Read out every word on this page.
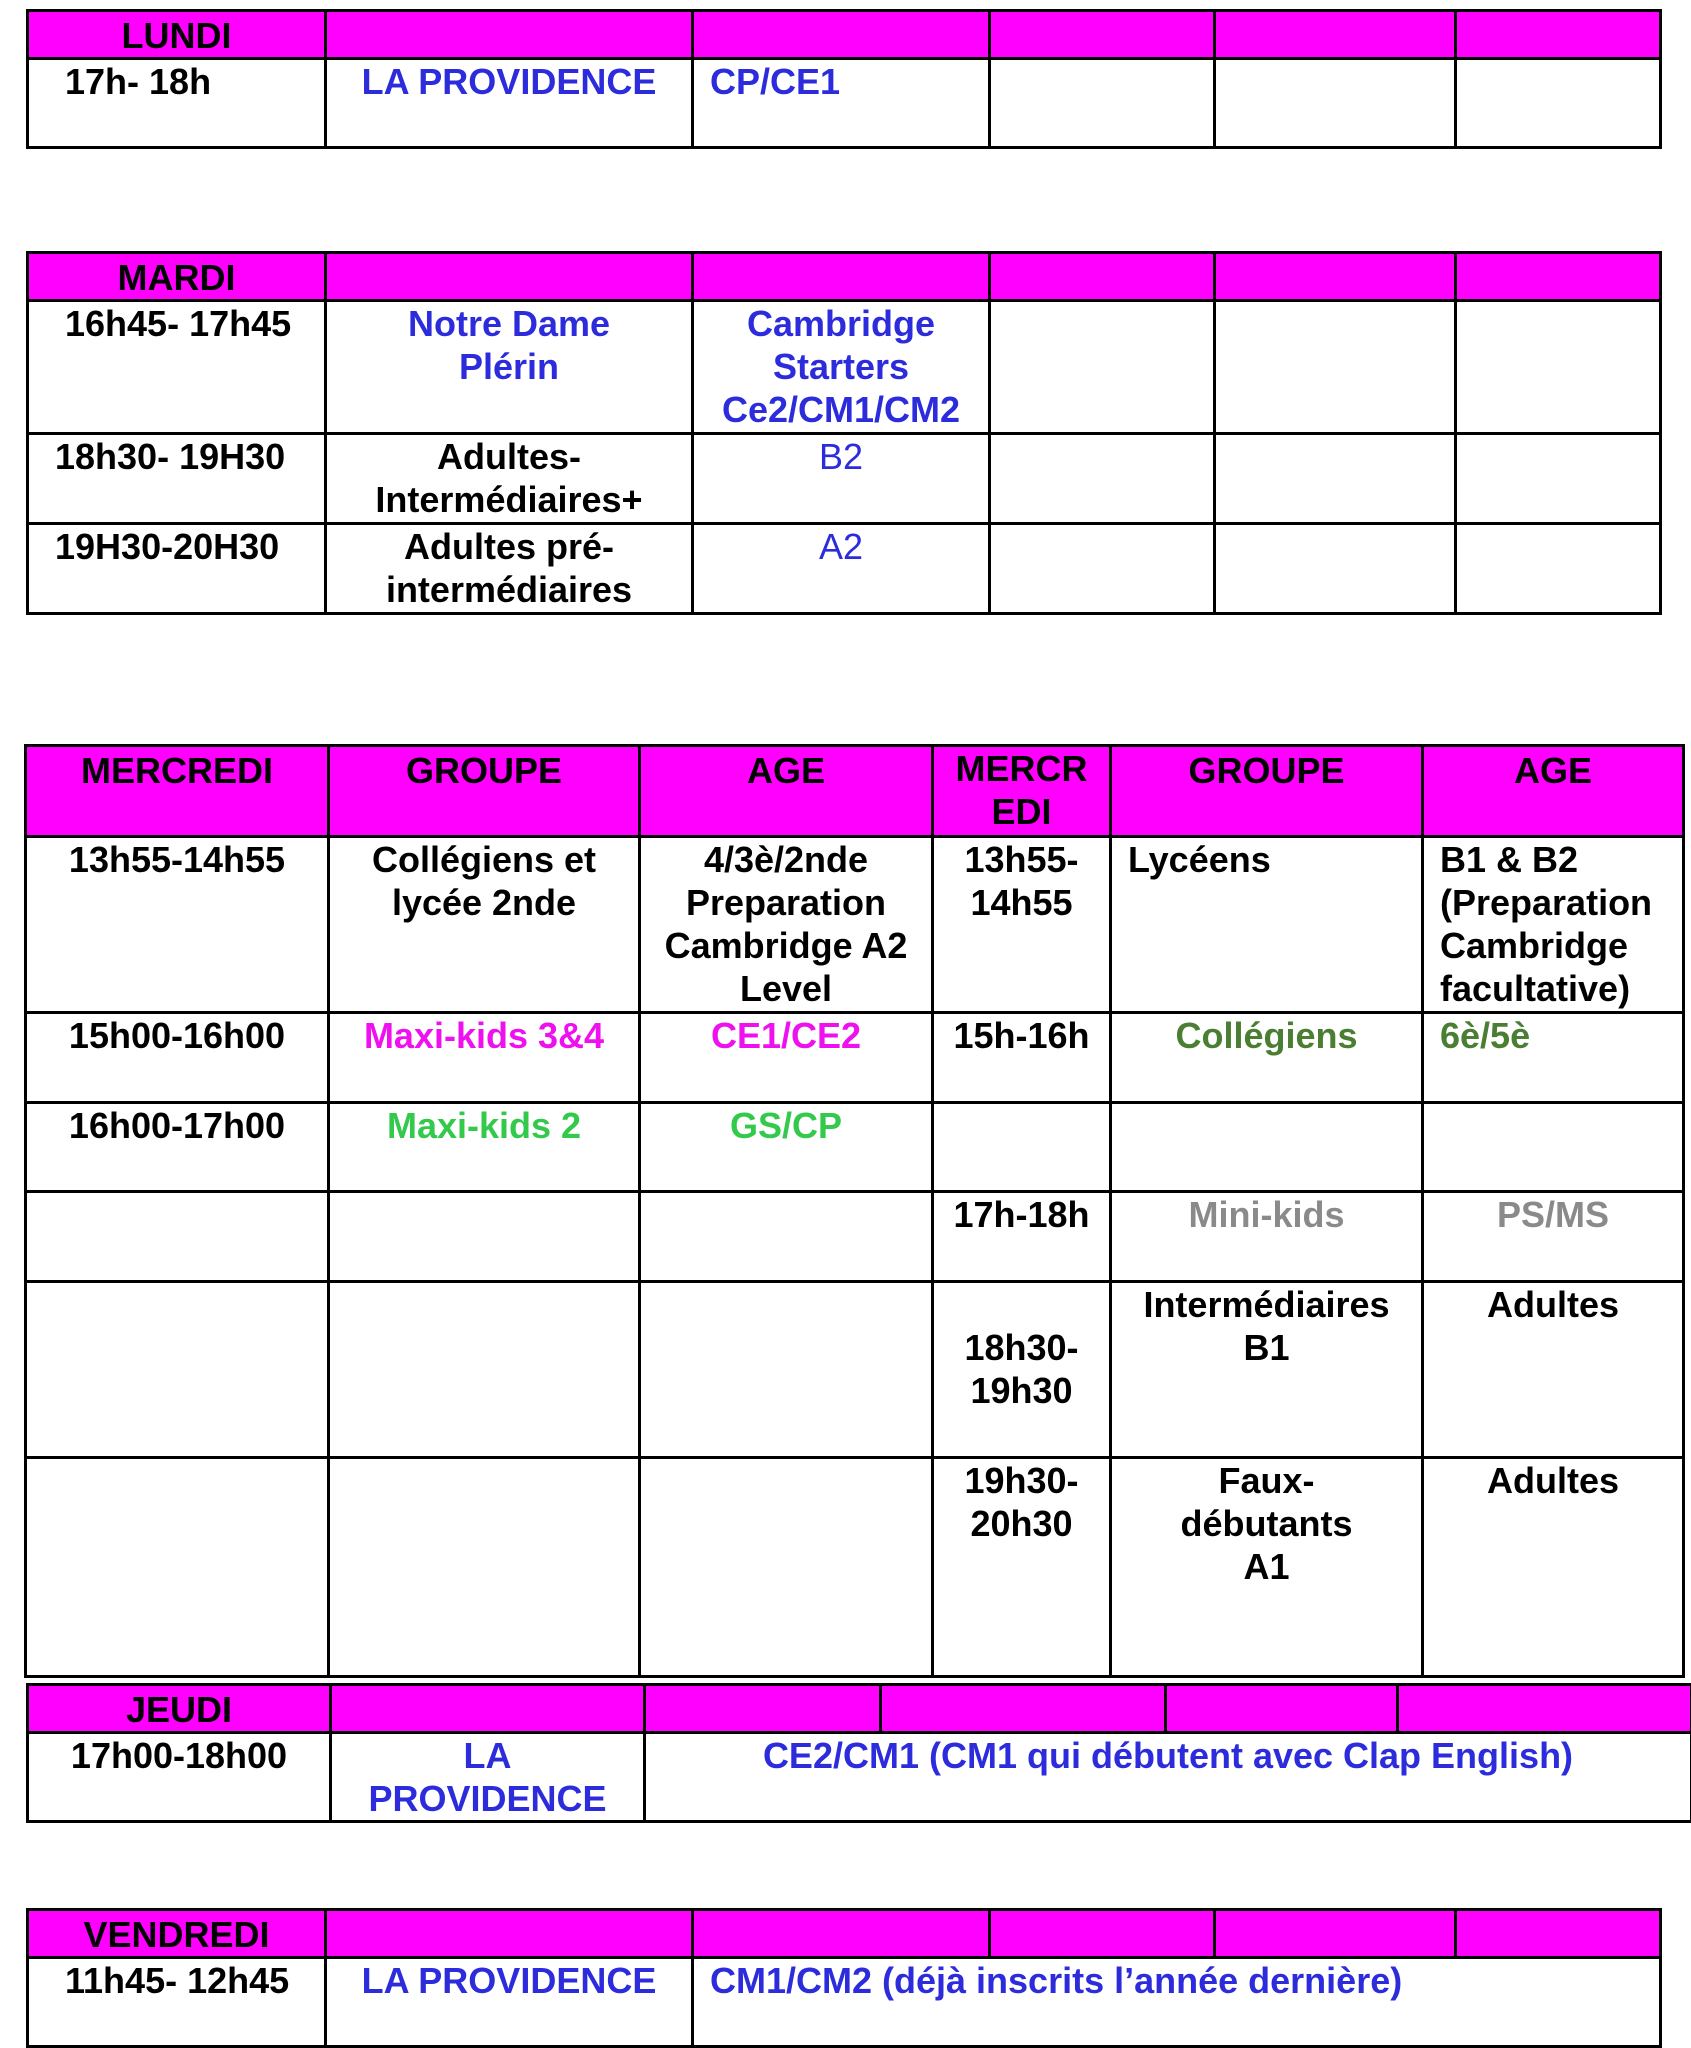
LUNDI					
17h- 18h	LA PROVIDENCE	CP/CE1			
MARDI					
16h45- 17h45	Notre Dame Plérin	Cambridge Starters Ce2/CM1/CM2			
18h30- 19H30	Adultes- Intermédiaires+	B2			
19H30-20H30	Adultes pré-intermédiaires	A2			
MERCREDI	GROUPE	AGE	MERCR EDI	GROUPE	AGE
13h55-14h55	Collégiens et lycée 2nde	4/3è/2nde Preparation Cambridge A2 Level	13h55- 14h55	Lycéens	B1 & B2 (Preparation Cambridge facultative)
15h00-16h00	Maxi-kids 3&4	CE1/CE2	15h-16h	Collégiens	6è/5è
16h00-17h00	Maxi-kids 2	GS/CP			
			17h-18h	Mini-kids	PS/MS
			18h30- 19h30	Intermédiaires B1	Adultes
			19h30- 20h30	Faux- débutants A1	Adultes
JEUDI					
17h00-18h00	LA PROVIDENCE	CE2/CM1 (CM1 qui débutent avec Clap English)			
VENDREDI					
11h45- 12h45	LA PROVIDENCE	CM1/CM2 (déjà inscrits l’année dernière)			
